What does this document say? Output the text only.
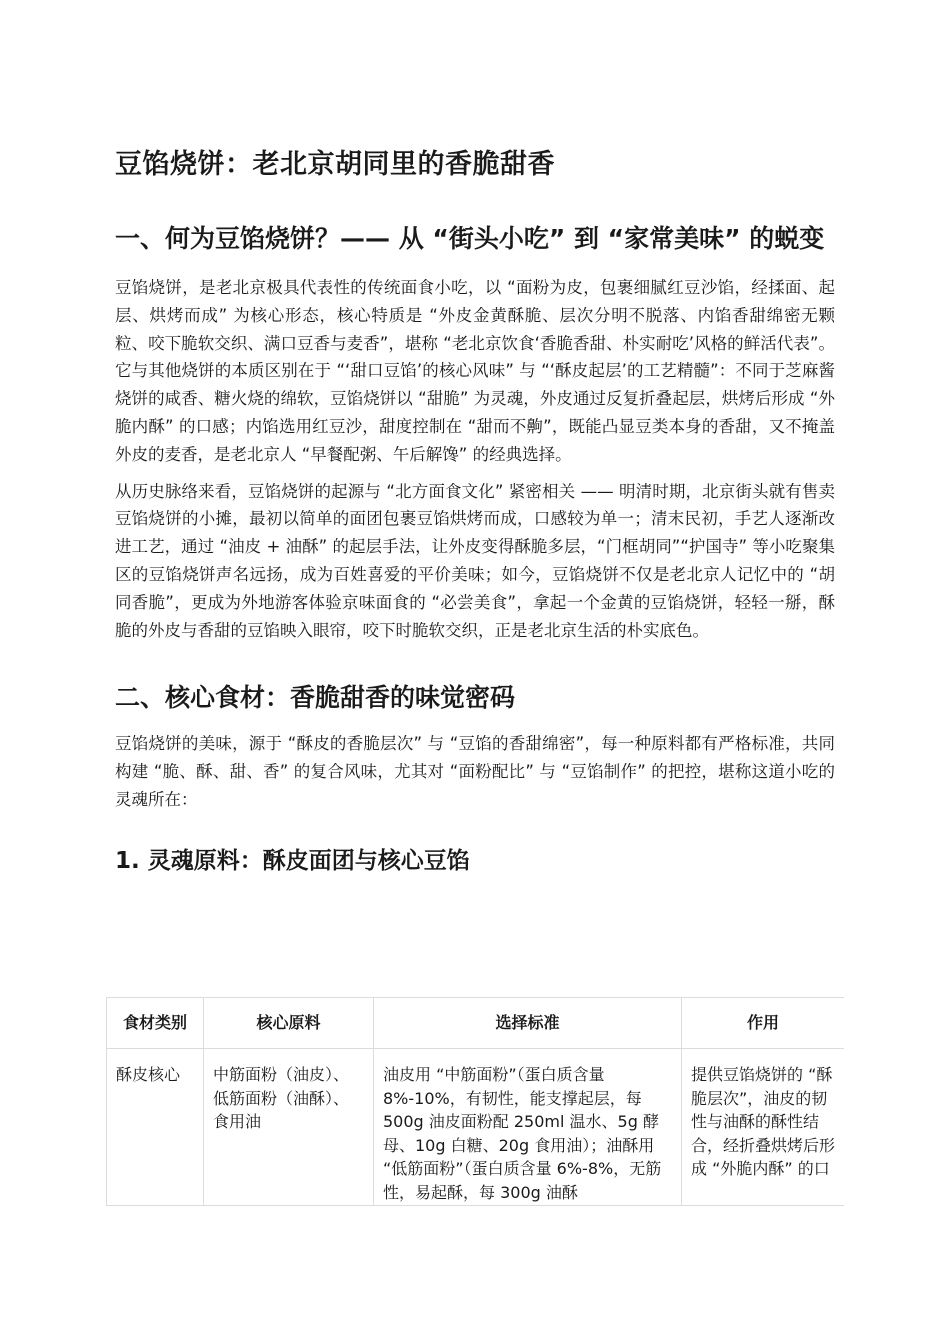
豆馅烧饼：老北京胡同里的香脆甜香
一、何为豆馅烧饼？—— 从 “街头小吃” 到 “家常美味” 的蜕变

豆馅烧饼，是老北京极具代表性的传统面食小吃，以 “面粉为皮，包裹细腻红豆沙馅，经揉面、起层、烘烤而成” 为核心形态，核心特质是 “外皮金黄酥脆、层次分明不脱落、内馅香甜绵密无颗粒、咬下脆软交织、满口豆香与麦香”，堪称 “老北京饮食‘香脆香甜、朴实耐吃’风格的鲜活代表”。它与其他烧饼的本质区别在于 “‘甜口豆馅’的核心风味” 与 “‘酥皮起层’的工艺精髓”：不同于芝麻酱烧饼的咸香、糖火烧的绵软，豆馅烧饼以 “甜脆” 为灵魂，外皮通过反复折叠起层，烘烤后形成 “外脆内酥” 的口感；内馅选用红豆沙，甜度控制在 “甜而不齁”，既能凸显豆类本身的香甜，又不掩盖外皮的麦香，是老北京人 “早餐配粥、午后解馋” 的经典选择。

从历史脉络来看，豆馅烧饼的起源与 “北方面食文化” 紧密相关 —— 明清时期，北京街头就有售卖豆馅烧饼的小摊，最初以简单的面团包裹豆馅烘烤而成，口感较为单一；清末民初，手艺人逐渐改进工艺，通过 “油皮 + 油酥” 的起层手法，让外皮变得酥脆多层，“门框胡同”“护国寺” 等小吃聚集区的豆馅烧饼声名远扬，成为百姓喜爱的平价美味；如今，豆馅烧饼不仅是老北京人记忆中的 “胡同香脆”，更成为外地游客体验京味面食的 “必尝美食”，拿起一个金黄的豆馅烧饼，轻轻一掰，酥脆的外皮与香甜的豆馅映入眼帘，咬下时脆软交织，正是老北京生活的朴实底色。

二、核心食材：香脆甜香的味觉密码

豆馅烧饼的美味，源于 “酥皮的香脆层次” 与 “豆馅的香甜绵密”，每一种原料都有严格标准，共同构建 “脆、酥、甜、香” 的复合风味，尤其对 “面粉配比” 与 “豆馅制作” 的把控，堪称这道小吃的灵魂所在：

1. 灵魂原料：酥皮面团与核心豆馅
食材类别	核心原料	选择标准	作用
酥皮核心	中筋面粉（油皮）、低筋面粉（油酥）、食用油	油皮用 “中筋面粉”（蛋白质含量 8%-10%，有韧性，能支撑起层，每 500g 油皮面粉配 250ml 温水、5g 酵母、10g 白糖、20g 食用油）；油酥用 “低筋面粉”（蛋白质含量 6%-8%，无筋性，易起酥，每 300g 油酥	提供豆馅烧饼的 “酥脆层次”，油皮的韧性与油酥的酥性结合，经折叠烘烤后形成 “外脆内酥” 的口
